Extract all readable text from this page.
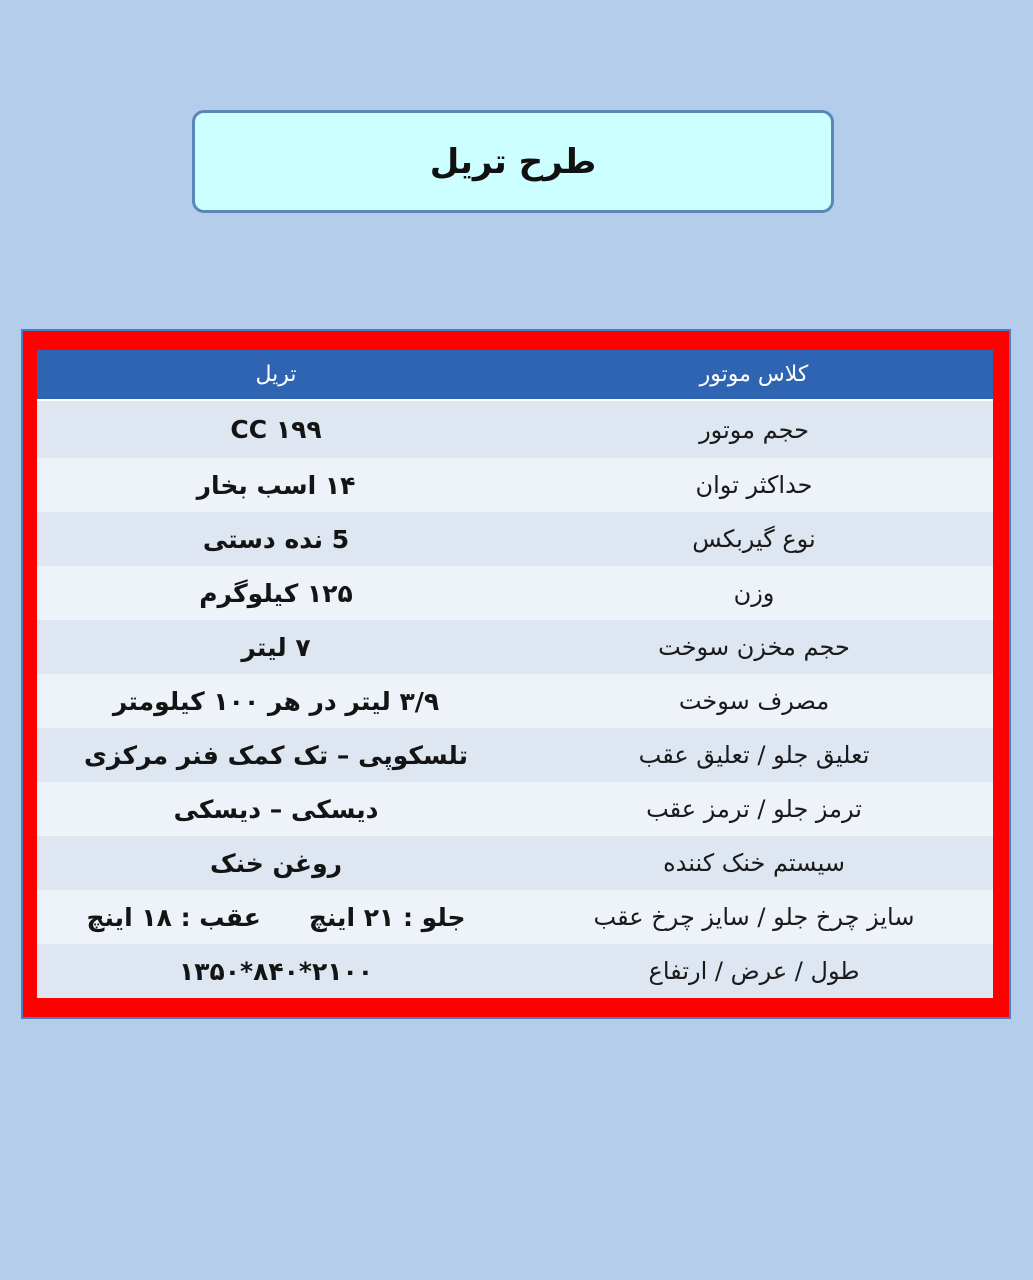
طرح تریل
کلاس موتور
تریل
حجم موتور
۱۹۹ CC
حداکثر توان
۱۴ اسب بخار
نوع گیربکس
5 نده دستی
وزن
۱۲۵ کیلوگرم
حجم مخزن سوخت
۷ لیتر
مصرف سوخت
۳/۹ لیتر در هر ۱۰۰ کیلومتر
تعلیق جلو / تعلیق عقب
تلسکوپی – تک کمک فنر مرکزی
ترمز جلو / ترمز عقب
دیسکی – دیسکی
سیستم خنک کننده
روغن خنک
سایز چرخ جلو / سایز چرخ عقب
جلو : ۲۱ اینچ
عقب : ۱۸ اینچ
طول / عرض / ارتفاع
۲۱۰۰*۸۴۰*۱۳۵۰
